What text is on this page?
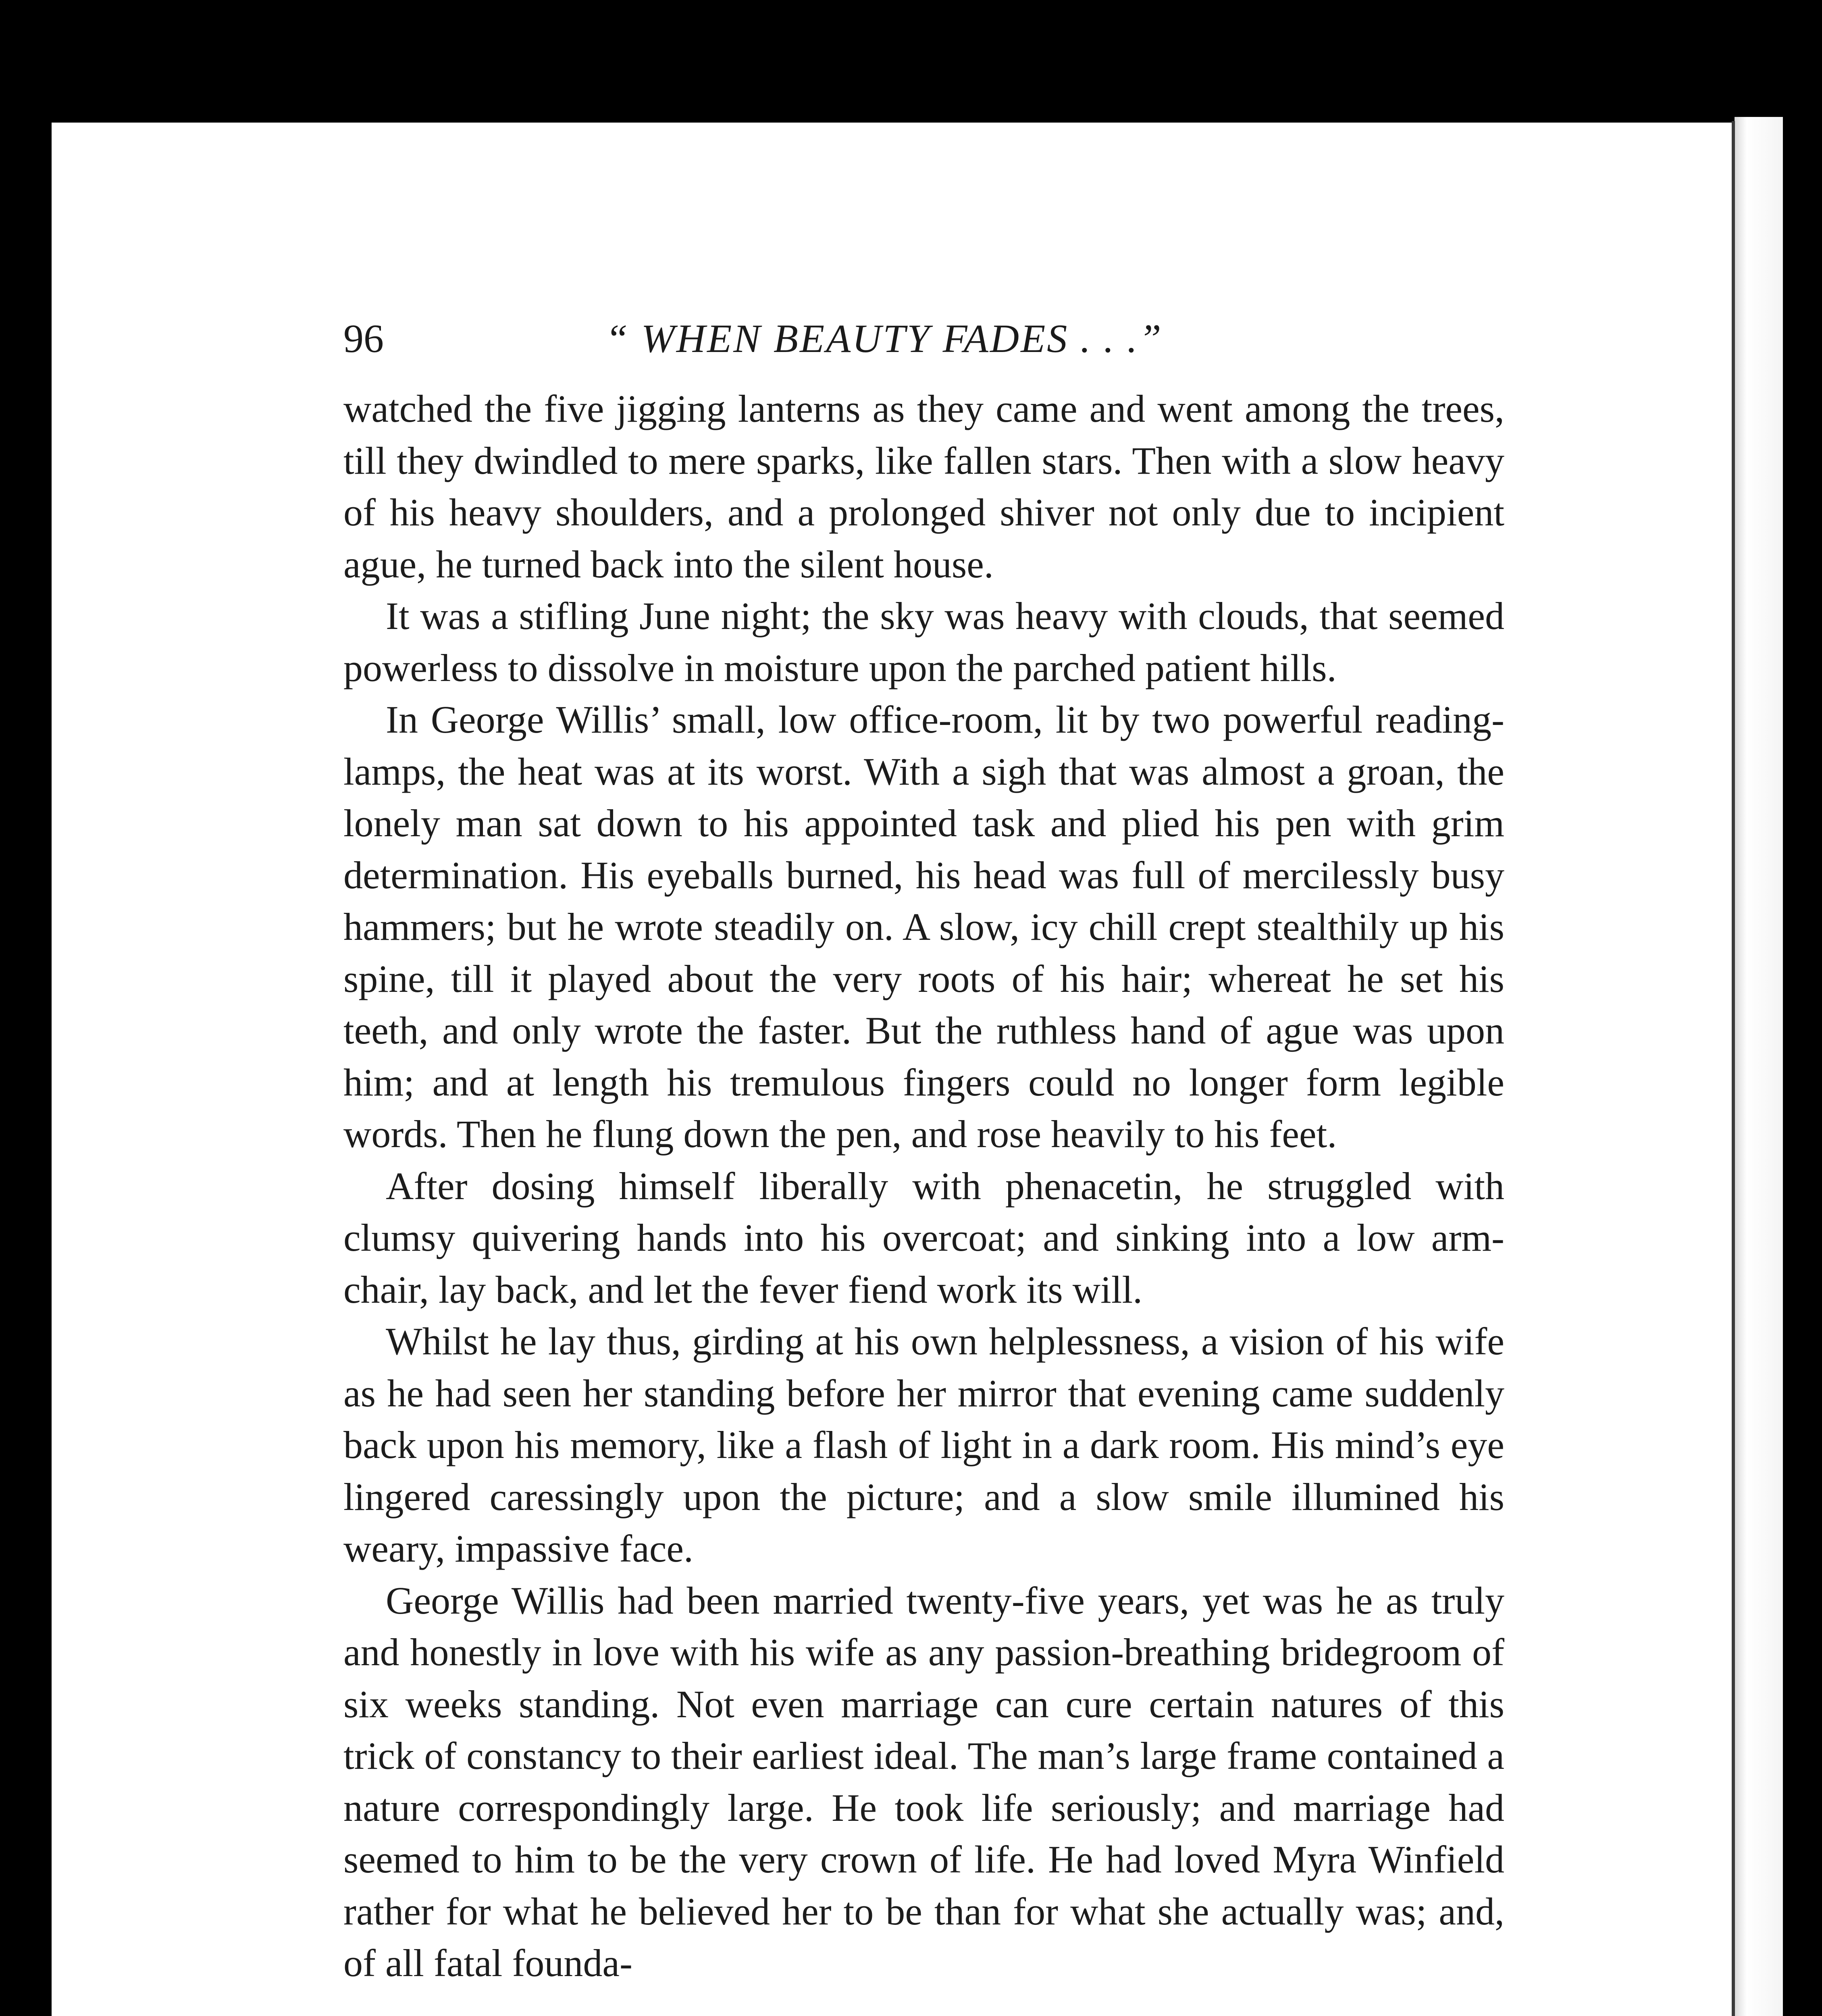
96	“ WHEN BEAUTY FADES . . .”

watched the five jigging lanterns as they came and went among the trees, till they dwindled to mere sparks, like fallen stars. Then with a slow heavy of his heavy shoulders, and a prolonged shiver not only due to incipient ague, he turned back into the silent house.

It was a stifling June night; the sky was heavy with clouds, that seemed powerless to dissolve in moisture upon the parched patient hills.

In George Willis’ small, low office-room, lit by two powerful reading-lamps, the heat was at its worst. With a sigh that was almost a groan, the lonely man sat down to his appointed task and plied his pen with grim determination. His eyeballs burned, his head was full of mercilessly busy hammers; but he wrote steadily on. A slow, icy chill crept stealthily up his spine, till it played about the very roots of his hair; whereat he set his teeth, and only wrote the faster. But the ruthless hand of ague was upon him; and at length his tremulous fingers could no longer form legible words. Then he flung down the pen, and rose heavily to his feet.

After dosing himself liberally with phenacetin, he struggled with clumsy quivering hands into his overcoat; and sinking into a low arm-chair, lay back, and let the fever fiend work its will.

Whilst he lay thus, girding at his own helplessness, a vision of his wife as he had seen her standing before her mirror that evening came suddenly back upon his memory, like a flash of light in a dark room. His mind’s eye lingered caressingly upon the picture; and a slow smile illumined his weary, impassive face.

George Willis had been married twenty-five years, yet was he as truly and honestly in love with his wife as any passion-breathing bridegroom of six weeks standing. Not even marriage can cure certain natures of this trick of constancy to their earliest ideal. The man’s large frame contained a nature correspondingly large. He took life seriously; and marriage had seemed to him to be the very crown of life. He had loved Myra Winfield rather for what he believed her to be than for what she actually was; and, of all fatal founda-
